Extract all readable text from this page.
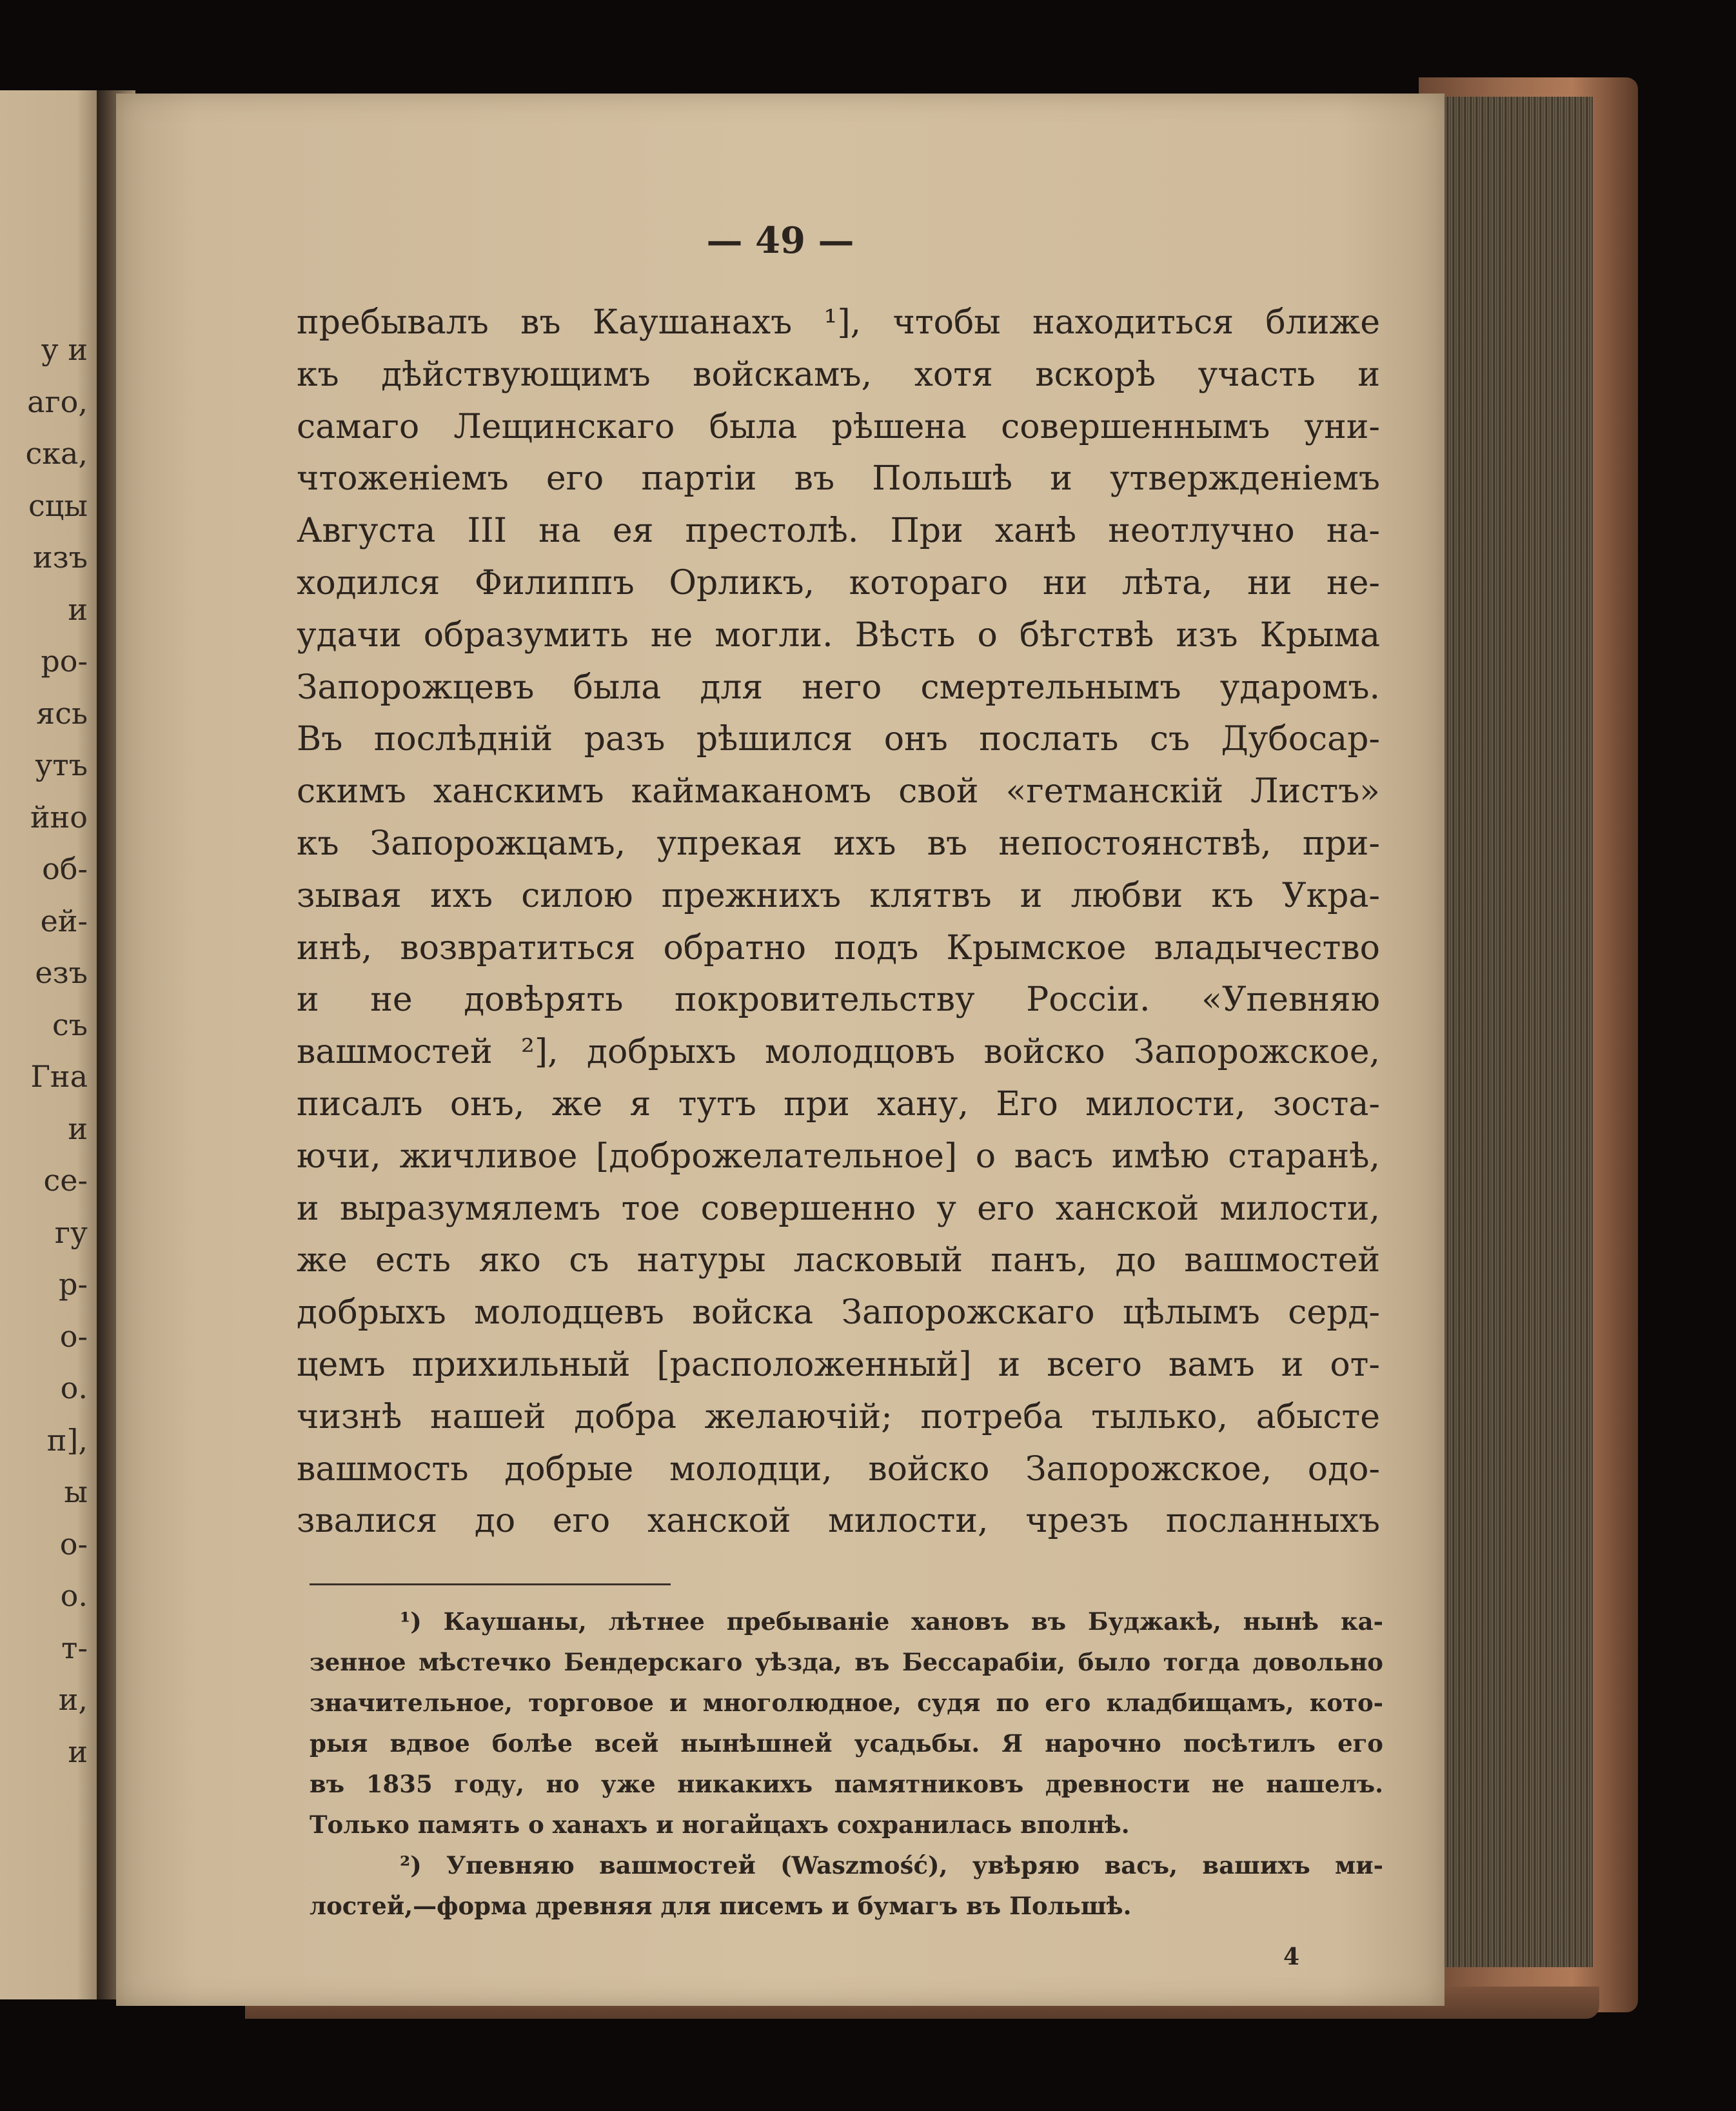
у и
аго,
ска,
сцы
изъ
и
ро-
ясь
утъ
йно
об-
ей-
езъ
съ
Гна
и
се-
гу
р-
о-
о.
п],
ы
о-
о.
т-
и,
и

— 49 —

пребывалъ въ Каушанахъ ¹], чтобы находиться ближе
къ дѣйствующимъ войскамъ, хотя вскорѣ участь и
самаго Лещинскаго была рѣшена совершеннымъ уни-
чтоженіемъ его партіи въ Польшѣ и утвержденіемъ
Августа III на ея престолѣ. При ханѣ неотлучно на-
ходился Филиппъ Орликъ, котораго ни лѣта, ни не-
удачи образумить не могли. Вѣсть о бѣгствѣ изъ Крыма
Запорожцевъ была для него смертельнымъ ударомъ.
Въ послѣдній разъ рѣшился онъ послать съ Дубосар-
скимъ ханскимъ каймаканомъ свой «гетманскій Листъ»
къ Запорожцамъ, упрекая ихъ въ непостоянствѣ, при-
зывая ихъ силою прежнихъ клятвъ и любви къ Укра-
инѣ, возвратиться обратно подъ Крымское владычество
и не довѣрять покровительству Россіи. «Упевняю
вашмостей ²], добрыхъ молодцовъ войско Запорожское,
писалъ онъ, же я тутъ при хану, Его милости, зоста-
ючи, жичливое [доброжелательное] о васъ имѣю старанѣ,
и выразумялемъ тое совершенно у его ханской милости,
же есть яко съ натуры ласковый панъ, до вашмостей
добрыхъ молодцевъ войска Запорожскаго цѣлымъ серд-
цемъ прихильный [расположенный] и всего вамъ и от-
чизнѣ нашей добра желаючій; потреба тылько, абысте
вашмость добрые молодци, войско Запорожское, одо-
звалися до его ханской милости, чрезъ посланныхъ
¹) Каушаны, лѣтнее пребываніе хановъ въ Буджакѣ, нынѣ ка-
зенное мѣстечко Бендерскаго уѣзда, въ Бессарабіи, было тогда довольно
значительное, торговое и многолюдное, судя по его кладбищамъ, кото-
рыя вдвое болѣе всей нынѣшней усадьбы. Я нарочно посѣтилъ его
въ 1835 году, но уже никакихъ памятниковъ древности не нашелъ.
Только память о ханахъ и ногайцахъ сохранилась вполнѣ.
²) Упевняю вашмостей (Waszmość), увѣряю васъ, вашихъ ми-
лостей,—форма древняя для писемъ и бумагъ въ Польшѣ.
4
